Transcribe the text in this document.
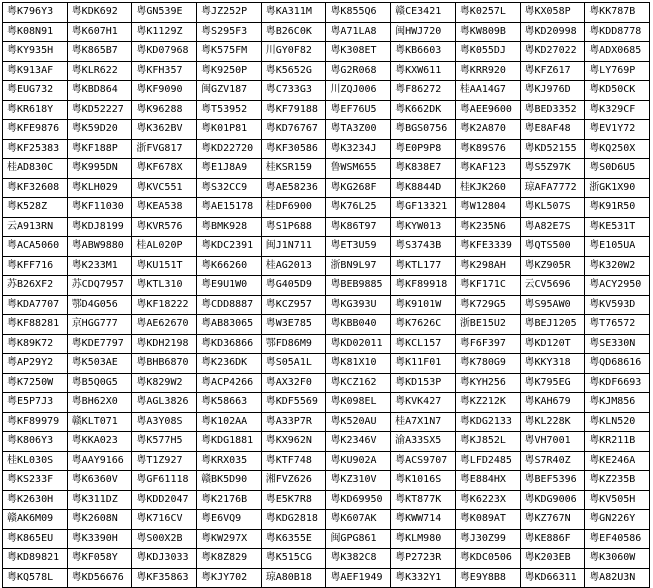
粤K796Y3	粤KDK692	粤GN539E	粤JZ252P	粤KA311M	粤K855Q6	赣CE3421	粤K0257L	粤KX058P	粤KK787B
粤K08N91	粤K607H1	粤K1129Z	粤S295F3	粤B26C0K	粤A71LA8	闽HWJ720	粤KW809B	粤KD20998	粤KDD8778
粤KY935H	粤K865B7	粤KD07968	粤K575FM	川GY0F82	粤K308ET	粤KB6603	粤K055DJ	粤KD27022	粤ADX0685
粤K913AF	粤KLR622	粤KFH357	粤K9250P	粤K5652G	粤G2R068	粤KXW611	粤KRR920	粤KFZ617	粤LY769P
粤EUG732	粤KBD864	粤KF9090	闽GZV187	粤C733G3	川ZQJ006	粤F86272	桂AA14G7	粤KJ976D	粤KD50CK
粤KR618Y	粤KD52227	粤K96288	粤T53952	粤KF79188	粤EF76U5	粤K662DK	粤AEE9600	粤BED3352	粤K329CF
粤KFE9876	粤K59D20	粤K362BV	粤K01P81	粤KD76767	粤TA3Z00	粤BGS0756	粤K2A870	粤E8AF48	粤EV1Y72
粤KF25383	粤KF188P	浙FVG817	粤KD22720	粤KF30586	粤K3234J	粤E0P9P8	粤K89S76	粤KD52155	粤KQ250X
桂AD830C	粤K995DN	粤KF678X	粤E1J8A9	桂KSR159	鲁WSM655	粤K838E7	粤KAF123	粤S5Z97K	粤S0D6U5
粤KF32608	粤KLH029	粤KVC551	粤S32CC9	粤AE58236	粤KG268F	粤K8844D	桂KJK260	琼AFA7772	浙GK1X90
粤K528Z	粤KF11030	粤KEA538	粤AE15178	桂DF6900	粤K76L25	粤GF13321	粤W12804	粤KL507S	粤K91R50
云A913RN	粤KDJ8199	粤KVR576	粤BMK928	粤S1P688	粤K86T97	粤KYW013	粤K235N6	粤A82E7S	粤KE531T
粤ACA5060	粤ABW9880	桂AL020P	粤KDC2391	闽J1N711	粤ET3U59	粤S3743B	粤KFE3339	粤QTS500	粤E105UA
粤KFF716	粤K233M1	粤KU151T	粤K66260	桂AG2013	浙BN9L97	粤KTL177	粤K298AH	粤KZ905R	粤K320W2
苏B26XF2	苏CDQ7957	粤KTL310	粤E9U1W0	粤G405D9	粤BEB9885	粤KF89918	粤KF171C	云CV5696	粤ACY2950
粤KDA7707	鄂D4G056	粤KF18222	粤CDD8887	粤KCZ957	粤KG393U	粤K9101W	粤K729G5	粤S95AW0	粤KV593D
粤KF88281	京HGG777	粤AE62670	粤AB83065	粤W3E785	粤KBB040	粤K7626C	浙BE15U2	粤BEJ1205	粤T76572
粤K89K72	粤KDE7797	粤KDH2198	粤KD36866	鄂FD86M9	粤KD02011	粤KCL157	粤F6F397	粤KD120T	粤SE330N
粤AP29Y2	粤K503AE	粤BHB6870	粤K236DK	粤S05A1L	粤K81X10	粤K11F01	粤K780G9	粤KKY318	粤QD68616
粤K7250W	粤B5Q0G5	粤K829W2	粤ACP4266	粤AX32F0	粤KCZ162	粤KD153P	粤KYH256	粤K795EG	粤KDF6693
粤E5P7J3	粤BH62X0	粤AGL3826	粤K58663	粤KDF5569	粤K098EL	粤KVK427	粤KZ212K	粤KAH679	粤KJM856
粤KF89979	赣KLT071	粤A3Y08S	粤K102AA	粤A33P7R	粤K520AU	桂A7X1N7	粤KDG2133	粤KL228K	粤KLN520
粤K806Y3	粤KKA023	粤K577H5	粤KDG1881	粤KX962N	粤K2346V	渝A33SX5	粤KJ852L	粤VH7001	粤KR211B
桂KL030S	粤AAY9166	粤T1Z927	粤KRX035	粤KTF748	粤KU902A	粤ACS9707	粤LFD2485	粤S7R40Z	粤KE246A
粤KS233F	粤K6360V	粤GF61118	赣BK5D90	湘FVZ626	粤KZ310V	粤K1016S	粤E884HX	粤BEF5396	粤KZ235B
粤K2630H	粤K311DZ	粤KDD2047	粤K2176B	粤E5K7R8	粤KD69950	粤KT877K	粤K6223X	粤KDG9006	粤KV505H
赣AK6M09	粤K2608N	粤K716CV	粤E6VQ9	粤KDG2818	粤K607AK	粤KWW714	粤K089AT	粤KZ767N	粤GN226Y
粤K865EU	粤K3390H	粤S00X2B	粤KW297X	粤K6355E	闽GPG861	粤KLM980	粤J30Z99	粤KE886F	粤EF40586
粤KD89821	粤KF058Y	粤KDJ3033	粤K8Z829	粤K515CG	粤K382C8	粤P2723R	粤KDC0506	粤K203EB	粤K3060W
粤KQ578L	粤KD56676	粤KF35863	粤KJY702	琼A80B18	粤AEF1949	粤K332Y1	粤E9Y8B8	粤KD66311	粤A82U3N
